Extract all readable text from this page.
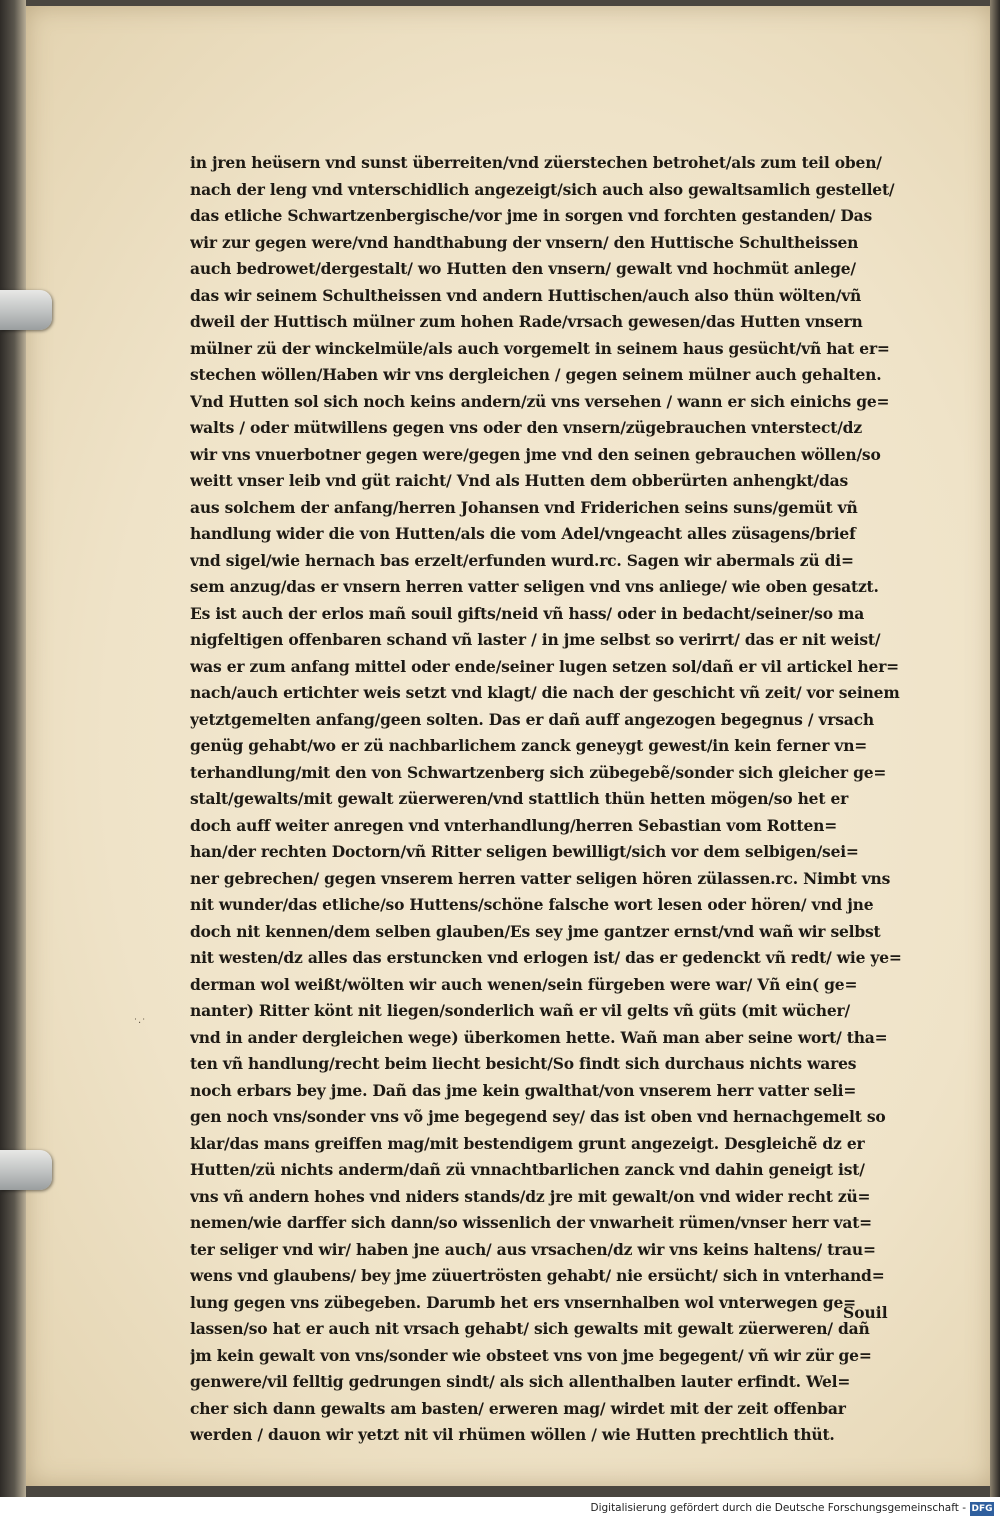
˙·˙
in jren heüsern vnd sunst überreiten/vnd züerstechen betrohet/als zum teil oben/
nach der leng vnd vnterschidlich angezeigt/sich auch also gewaltsamlich gestellet/
das etliche Schwartzenbergische/vor jme in sorgen vnd forchten gestanden/ Das
wir zur gegen were/vnd handthabung der vnsern/ den Huttische Schultheissen
auch bedrowet/dergestalt/ wo Hutten den vnsern/ gewalt vnd hochmüt anlege/
das wir seinem Schultheissen vnd andern Huttischen/auch also thün wölten/vñ
dweil der Huttisch mülner zum hohen Rade/vrsach gewesen/das Hutten vnsern
mülner zü der winckelmüle/als auch vorgemelt in seinem haus gesücht/vñ hat er=
stechen wöllen/Haben wir vns dergleichen / gegen seinem mülner auch gehalten.
Vnd Hutten sol sich noch keins andern/zü vns versehen / wann er sich einichs ge=
walts / oder mütwillens gegen vns oder den vnsern/zügebrauchen vnterstect/dz
wir vns vnuerbotner gegen were/gegen jme vnd den seinen gebrauchen wöllen/so
weitt vnser leib vnd güt raicht/ Vnd als Hutten dem obberürten anhengkt/das
aus solchem der anfang/herren Johansen vnd Friderichen seins suns/gemüt vñ
handlung wider die von Hutten/als die vom Adel/vngeacht alles züsagens/brief
vnd sigel/wie hernach bas erzelt/erfunden wurd.rc. Sagen wir abermals zü di=
sem anzug/das er vnsern herren vatter seligen vnd vns anliege/ wie oben gesatzt.
Es ist auch der erlos mañ souil gifts/neid vñ hass/ oder in bedacht/seiner/so ma
nigfeltigen offenbaren schand vñ laster / in jme selbst so verirrt/ das er nit weist/
was er zum anfang mittel oder ende/seiner lugen setzen sol/dañ er vil artickel her=
nach/auch ertichter weis setzt vnd klagt/ die nach der geschicht vñ zeit/ vor seinem
yetztgemelten anfang/geen solten. Das er dañ auff angezogen begegnus / vrsach
genüg gehabt/wo er zü nachbarlichem zanck geneygt gewest/in kein ferner vn=
terhandlung/mit den von Schwartzenberg sich zübegebẽ/sonder sich gleicher ge=
stalt/gewalts/mit gewalt züerweren/vnd stattlich thün hetten mögen/so het er
doch auff weiter anregen vnd vnterhandlung/herren Sebastian vom Rotten=
han/der rechten Doctorn/vñ Ritter seligen bewilligt/sich vor dem selbigen/sei=
ner gebrechen/ gegen vnserem herren vatter seligen hören zülassen.rc. Nimbt vns
nit wunder/das etliche/so Huttens/schöne falsche wort lesen oder hören/ vnd jne
doch nit kennen/dem selben glauben/Es sey jme gantzer ernst/vnd wañ wir selbst
nit westen/dz alles das erstuncken vnd erlogen ist/ das er gedenckt vñ redt/ wie ye=
derman wol weißt/wölten wir auch wenen/sein fürgeben were war/ Vñ ein( ge=
nanter) Ritter könt nit liegen/sonderlich wañ er vil gelts vñ güts (mit wücher/
vnd in ander dergleichen wege) überkomen hette. Wañ man aber seine wort/ tha=
ten vñ handlung/recht beim liecht besicht/So findt sich durchaus nichts wares
noch erbars bey jme. Dañ das jme kein gwalthat/von vnserem herr vatter seli=
gen noch vns/sonder vns võ jme begegend sey/ das ist oben vnd hernachgemelt so
klar/das mans greiffen mag/mit bestendigem grunt angezeigt. Desgleichẽ dz er
Hutten/zü nichts anderm/dañ zü vnnachtbarlichen zanck vnd dahin geneigt ist/
vns vñ andern hohes vnd niders stands/dz jre mit gewalt/on vnd wider recht zü=
nemen/wie darffer sich dann/so wissenlich der vnwarheit rümen/vnser herr vat=
ter seliger vnd wir/ haben jne auch/ aus vrsachen/dz wir vns keins haltens/ trau=
wens vnd glaubens/ bey jme züuertrösten gehabt/ nie ersücht/ sich in vnterhand=
lung gegen vns zübegeben. Darumb het ers vnsernhalben wol vnterwegen ge=
lassen/so hat er auch nit vrsach gehabt/ sich gewalts mit gewalt züerweren/ dañ
jm kein gewalt von vns/sonder wie obsteet vns von jme begegent/ vñ wir zür ge=
genwere/vil felltig gedrungen sindt/ als sich allenthalben lauter erfindt. Wel=
cher sich dann gewalts am basten/ erweren mag/ wirdet mit der zeit offenbar
werden / dauon wir yetzt nit vil rhümen wöllen / wie Hutten prechtlich thüt.
Souil
Digitalisierung gefördert durch die Deutsche Forschungsgemeinschaft - DFG
